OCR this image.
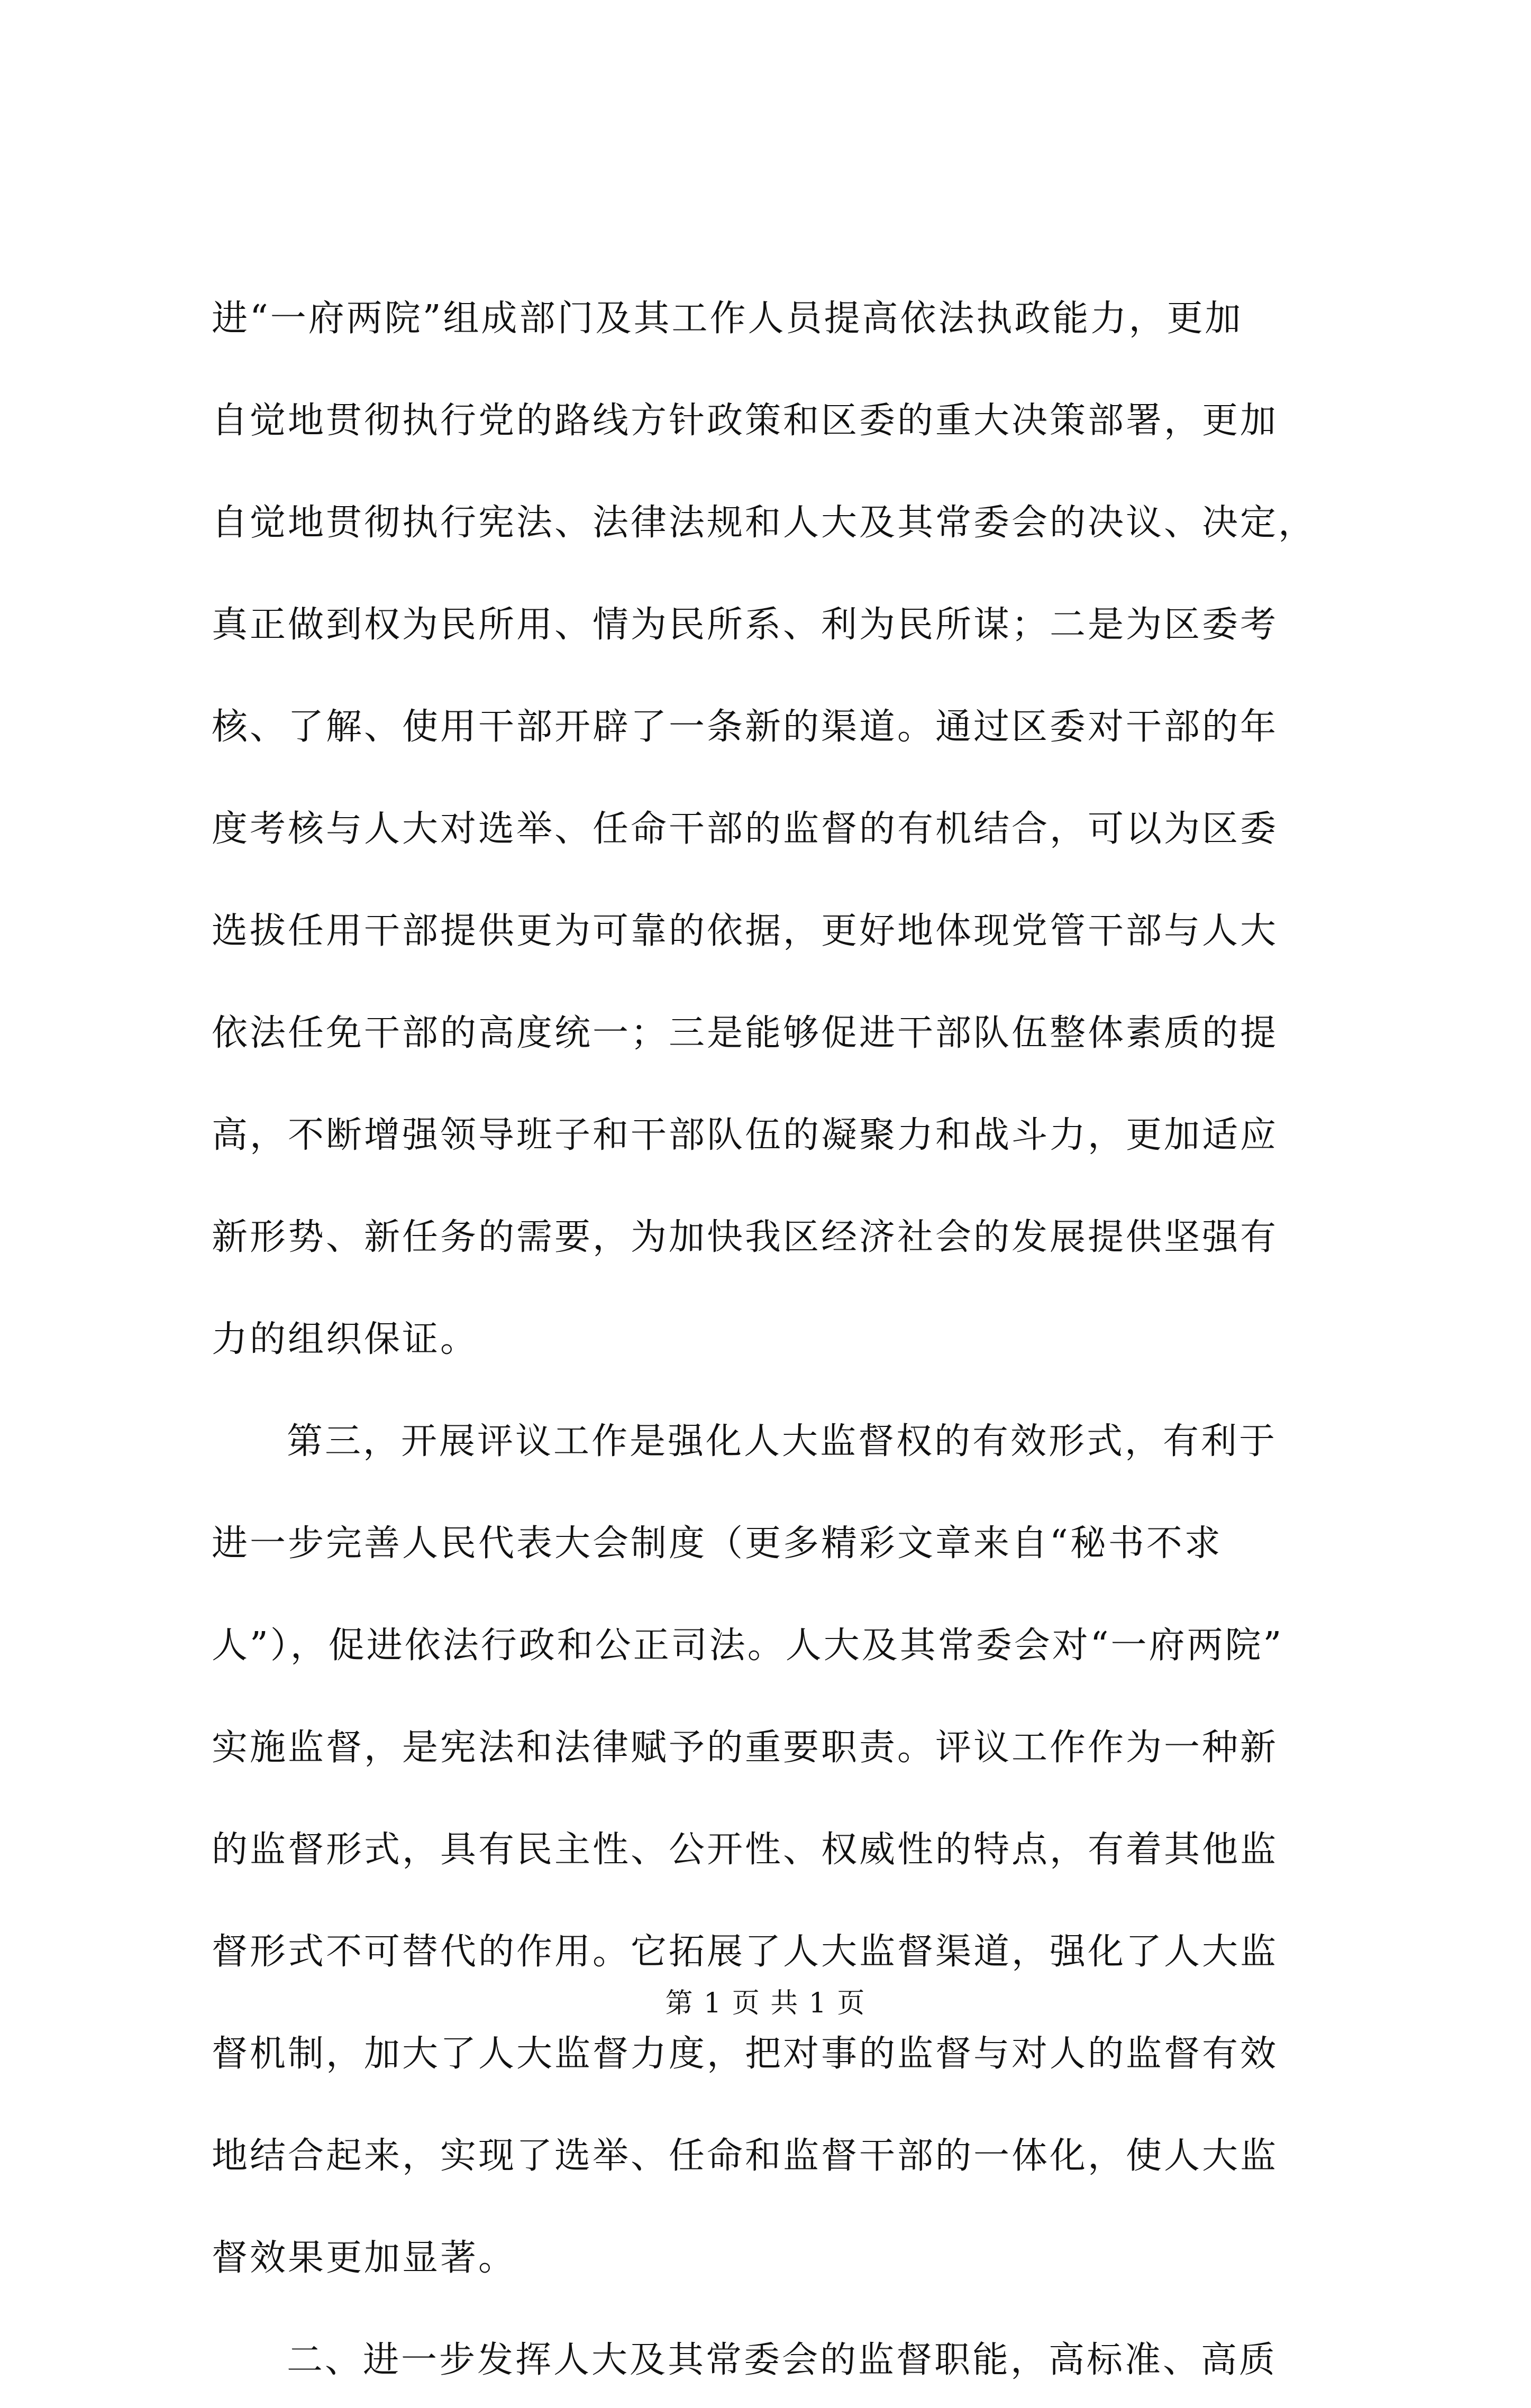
进“一府两院”组成部门及其工作人员提高依法执政能力，更加
自觉地贯彻执行党的路线方针政策和区委的重大决策部署，更加
自觉地贯彻执行宪法、法律法规和人大及其常委会的决议、决定，
真正做到权为民所用、情为民所系、利为民所谋；二是为区委考
核、了解、使用干部开辟了一条新的渠道。通过区委对干部的年
度考核与人大对选举、任命干部的监督的有机结合，可以为区委
选拔任用干部提供更为可靠的依据，更好地体现党管干部与人大
依法任免干部的高度统一；三是能够促进干部队伍整体素质的提
高，不断增强领导班子和干部队伍的凝聚力和战斗力，更加适应
新形势、新任务的需要，为加快我区经济社会的发展提供坚强有
力的组织保证。
第三，开展评议工作是强化人大监督权的有效形式，有利于
进一步完善人民代表大会制度（更多精彩文章来自“秘书不求
人”），促进依法行政和公正司法。人大及其常委会对“一府两院”
实施监督，是宪法和法律赋予的重要职责。评议工作作为一种新
的监督形式，具有民主性、公开性、权威性的特点，有着其他监
督形式不可替代的作用。它拓展了人大监督渠道，强化了人大监
督机制，加大了人大监督力度，把对事的监督与对人的监督有效
地结合起来，实现了选举、任命和监督干部的一体化，使人大监
督效果更加显著。
二、进一步发挥人大及其常委会的监督职能，高标准、高质
第 1 页 共 1 页
